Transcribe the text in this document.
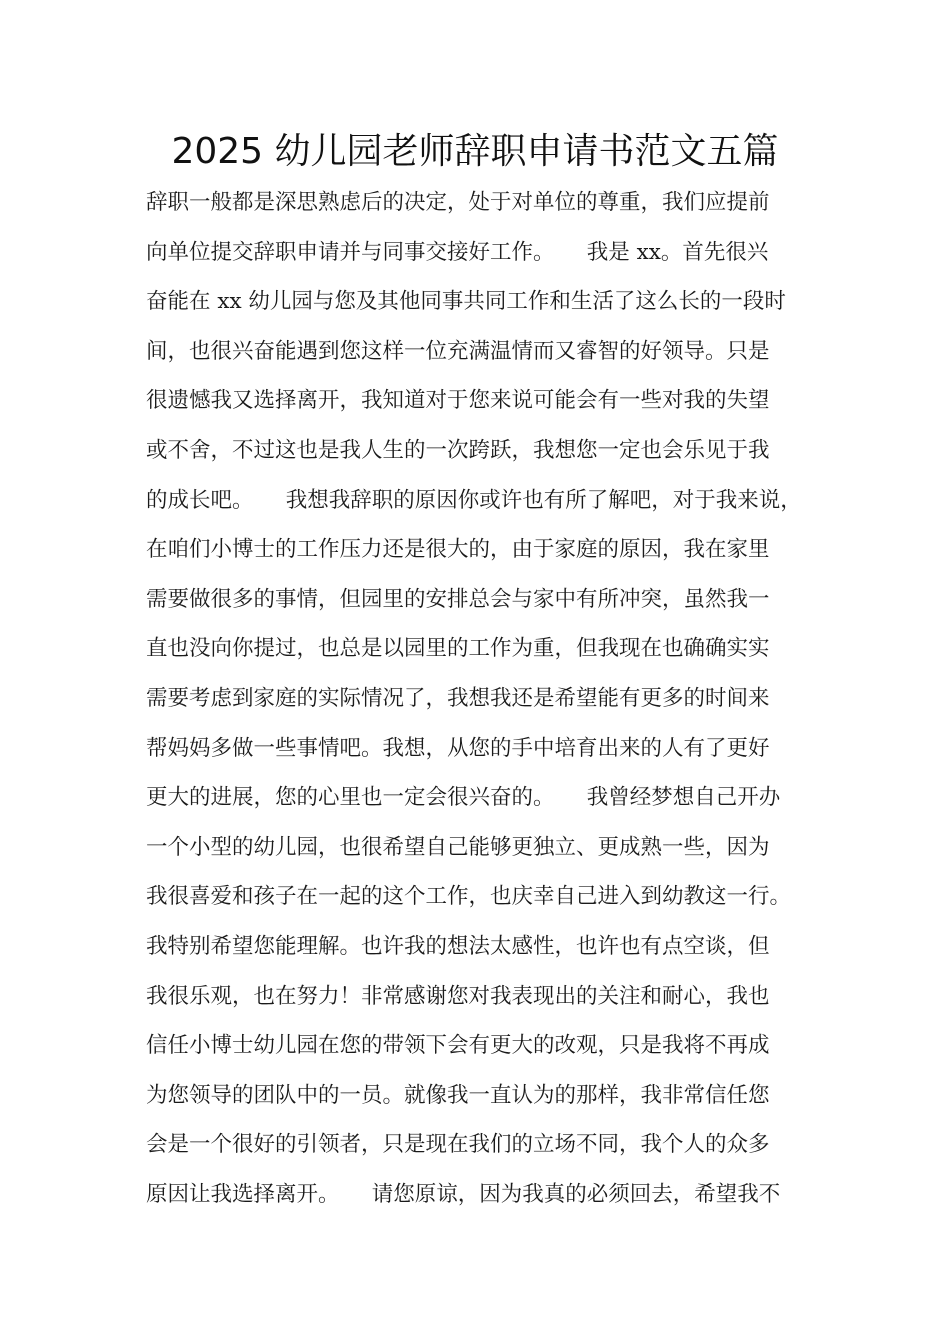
2025 幼儿园老师辞职申请书范文五篇
辞职一般都是深思熟虑后的决定，处于对单位的尊重，我们应提前
向单位提交辞职申请并与同事交接好工作。　　我是 xx。首先很兴
奋能在 xx 幼儿园与您及其他同事共同工作和生活了这么长的一段时
间，也很兴奋能遇到您这样一位充满温情而又睿智的好领导。只是
很遗憾我又选择离开，我知道对于您来说可能会有一些对我的失望
或不舍，不过这也是我人生的一次跨跃，我想您一定也会乐见于我
的成长吧。　　我想我辞职的原因你或许也有所了解吧，对于我来说，
在咱们小博士的工作压力还是很大的，由于家庭的原因，我在家里
需要做很多的事情，但园里的安排总会与家中有所冲突，虽然我一
直也没向你提过，也总是以园里的工作为重，但我现在也确确实实
需要考虑到家庭的实际情况了，我想我还是希望能有更多的时间来
帮妈妈多做一些事情吧。我想，从您的手中培育出来的人有了更好
更大的进展，您的心里也一定会很兴奋的。　　我曾经梦想自己开办
一个小型的幼儿园，也很希望自己能够更独立、更成熟一些，因为
我很喜爱和孩子在一起的这个工作，也庆幸自己进入到幼教这一行。
我特别希望您能理解。也许我的想法太感性，也许也有点空谈，但
我很乐观，也在努力！非常感谢您对我表现出的关注和耐心，我也
信任小博士幼儿园在您的带领下会有更大的改观，只是我将不再成
为您领导的团队中的一员。就像我一直认为的那样，我非常信任您
会是一个很好的引领者，只是现在我们的立场不同，我个人的众多
原因让我选择离开。　　请您原谅，因为我真的必须回去，希望我不
